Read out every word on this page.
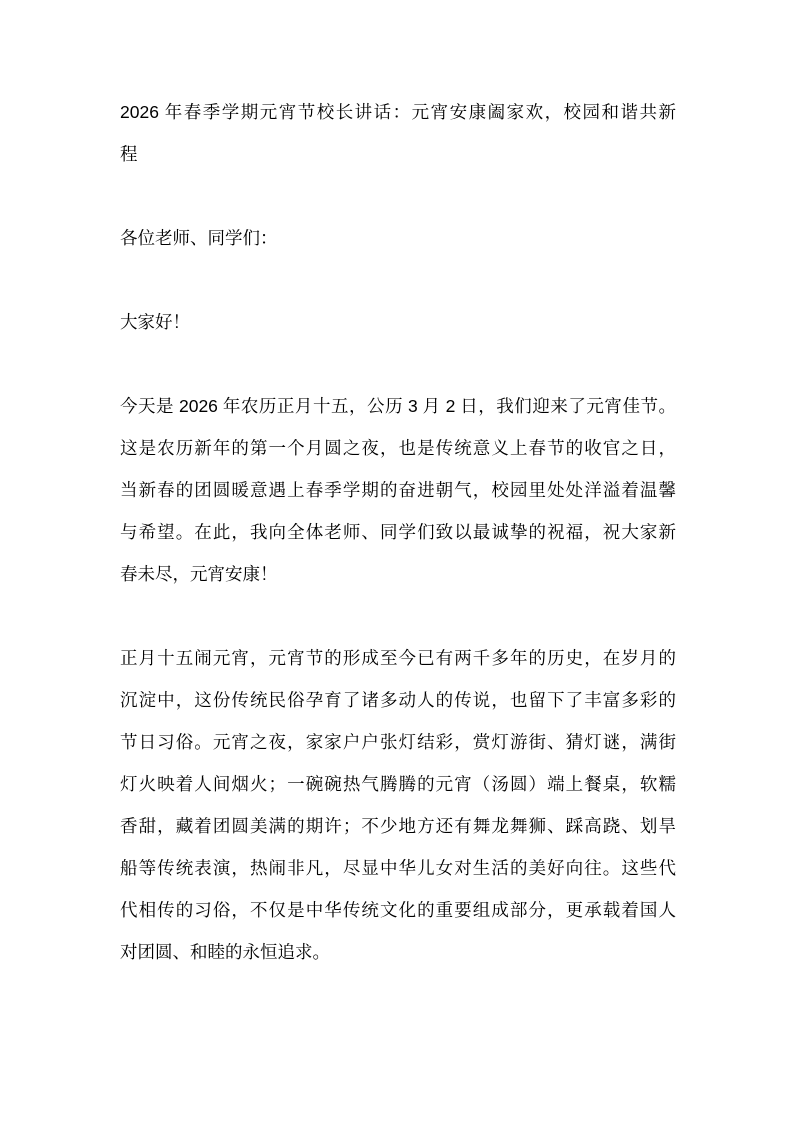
2026 年春季学期元宵节校长讲话：元宵安康阖家欢，校园和谐共新
程
各位老师、同学们：
大家好！
今天是 2026 年农历正月十五，公历 3 月 2 日，我们迎来了元宵佳节。
这是农历新年的第一个月圆之夜，也是传统意义上春节的收官之日，
当新春的团圆暖意遇上春季学期的奋进朝气，校园里处处洋溢着温馨
与希望。在此，我向全体老师、同学们致以最诚挚的祝福，祝大家新
春未尽，元宵安康！
正月十五闹元宵，元宵节的形成至今已有两千多年的历史，在岁月的
沉淀中，这份传统民俗孕育了诸多动人的传说，也留下了丰富多彩的
节日习俗。元宵之夜，家家户户张灯结彩，赏灯游街、猜灯谜，满街
灯火映着人间烟火；一碗碗热气腾腾的元宵（汤圆）端上餐桌，软糯
香甜，藏着团圆美满的期许；不少地方还有舞龙舞狮、踩高跷、划旱
船等传统表演，热闹非凡，尽显中华儿女对生活的美好向往。这些代
代相传的习俗，不仅是中华传统文化的重要组成部分，更承载着国人
对团圆、和睦的永恒追求。
